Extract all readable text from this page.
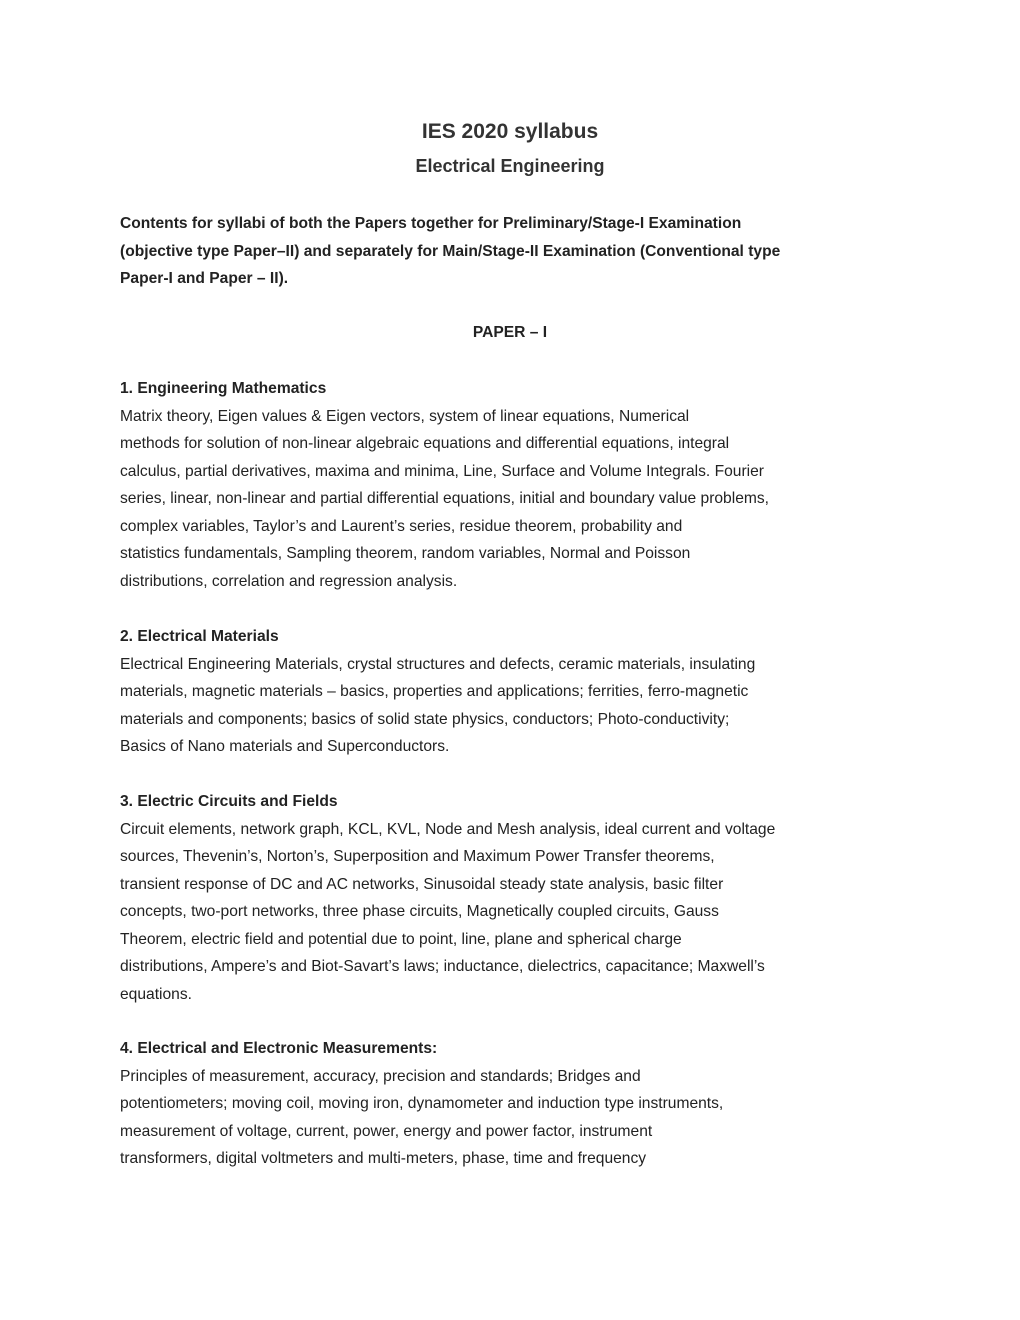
IES 2020 syllabus
Electrical Engineering
Contents for syllabi of both the Papers together for Preliminary/Stage-I Examination
(objective type Paper–II) and separately for Main/Stage-II Examination (Conventional type
Paper-I and Paper – II).
PAPER – I
1. Engineering Mathematics
Matrix theory, Eigen values & Eigen vectors, system of linear equations, Numerical
methods for solution of non-linear algebraic equations and differential equations, integral
calculus, partial derivatives, maxima and minima, Line, Surface and Volume Integrals. Fourier
series, linear, non-linear and partial differential equations, initial and boundary value problems,
complex variables, Taylor’s and Laurent’s series, residue theorem, probability and
statistics fundamentals, Sampling theorem, random variables, Normal and Poisson
distributions, correlation and regression analysis.
2. Electrical Materials
Electrical Engineering Materials, crystal structures and defects, ceramic materials, insulating
materials, magnetic materials – basics, properties and applications; ferrities, ferro-magnetic
materials and components; basics of solid state physics, conductors; Photo-conductivity;
Basics of Nano materials and Superconductors.
3. Electric Circuits and Fields
Circuit elements, network graph, KCL, KVL, Node and Mesh analysis, ideal current and voltage
sources, Thevenin’s, Norton’s, Superposition and Maximum Power Transfer theorems,
transient response of DC and AC networks, Sinusoidal steady state analysis, basic filter
concepts, two-port networks, three phase circuits, Magnetically coupled circuits, Gauss
Theorem, electric field and potential due to point, line, plane and spherical charge
distributions, Ampere’s and Biot-Savart’s laws; inductance, dielectrics, capacitance; Maxwell’s
equations.
4. Electrical and Electronic Measurements:
Principles of measurement, accuracy, precision and standards; Bridges and
potentiometers; moving coil, moving iron, dynamometer and induction type instruments,
measurement of voltage, current, power, energy and power factor, instrument
transformers, digital voltmeters and multi-meters, phase, time and frequency
